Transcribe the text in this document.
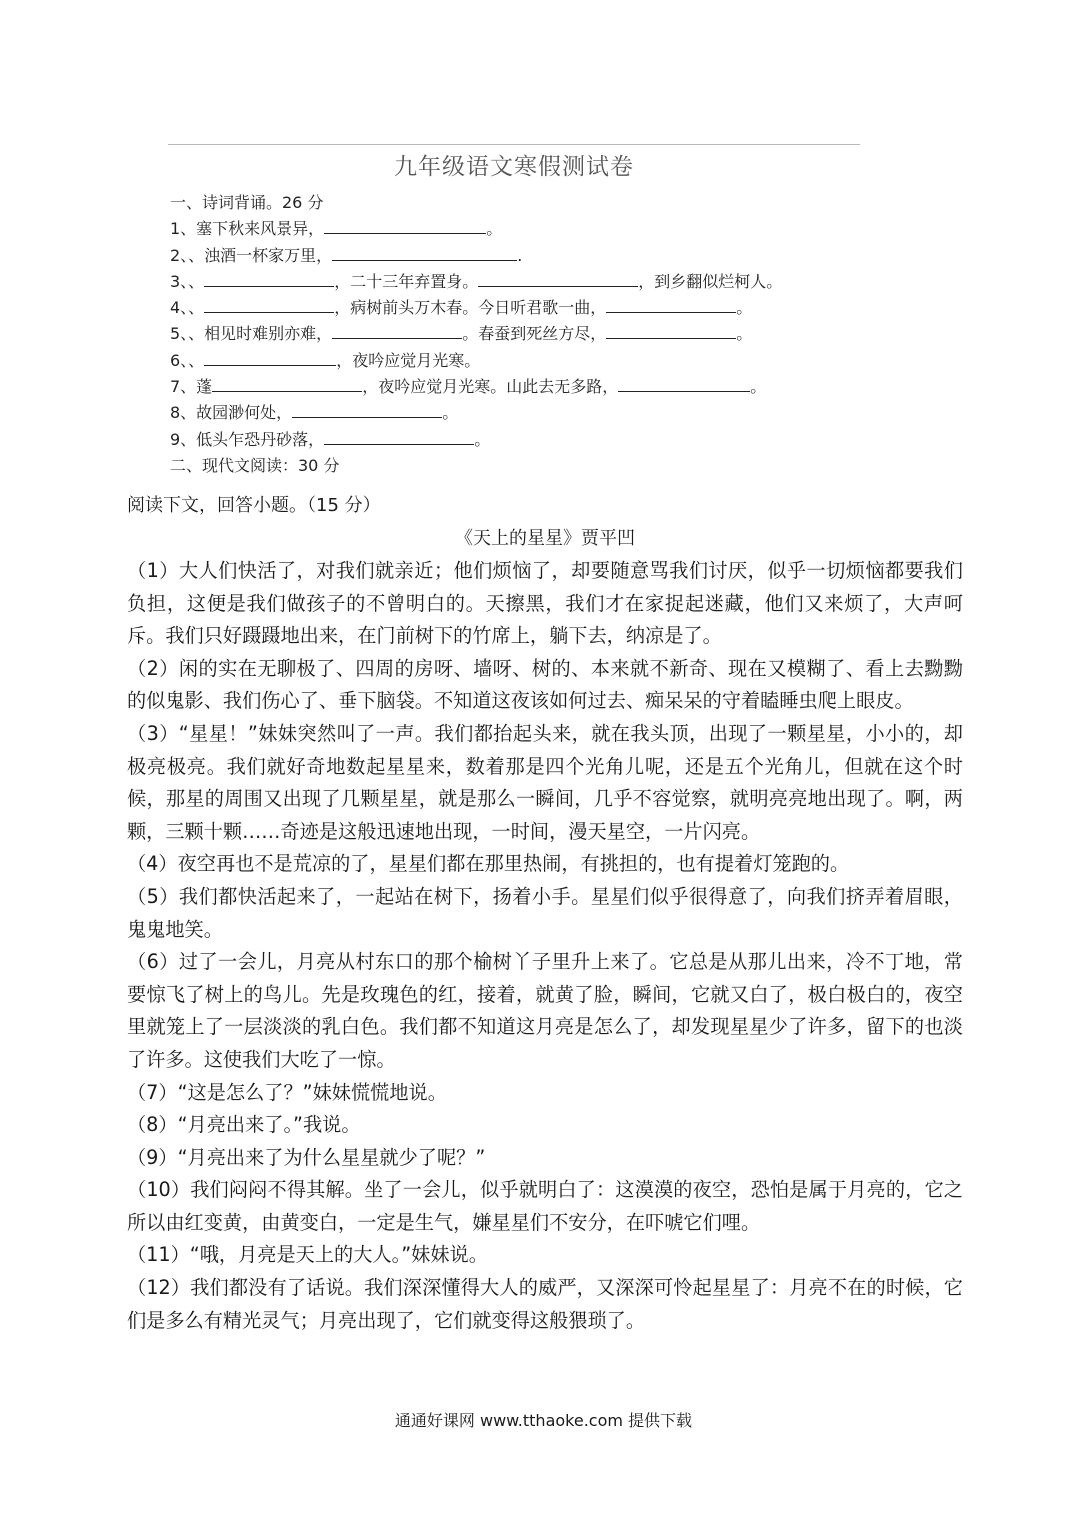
九年级语文寒假测试卷
一、诗词背诵。26 分
1、塞下秋来风景异，	。
2、、浊酒一杯家万里，	.
3、、	，二十三年弃置身。	，到乡翻似烂柯人。
4、、	，病树前头万木春。今日听君歌一曲，	。
5、、相见时难别亦难，	。春蚕到死丝方尽，	。
6、、	，夜吟应觉月光寒。
7、蓬	，夜吟应觉月光寒。山此去无多路，	。
8、故园渺何处，	。
9、低头乍恐丹砂落，	。
二、现代文阅读：30 分
阅读下文，回答小题。（15 分）
《天上的星星》贾平凹

（1）大人们快活了，对我们就亲近；他们烦恼了，却要随意骂我们讨厌，似乎一切烦恼都要我们负担，这便是我们做孩子的不曾明白的。天擦黑，我们才在家捉起迷藏，他们又来烦了，大声呵斥。我们只好蹑蹑地出来，在门前树下的竹席上，躺下去，纳凉是了。

（2）闲的实在无聊极了、四周的房呀、墙呀、树的、本来就不新奇、现在又模糊了、看上去黝黝的似鬼影、我们伤心了、垂下脑袋。不知道这夜该如何过去、痴呆呆的守着瞌睡虫爬上眼皮。

（3）“星星！”妹妹突然叫了一声。我们都抬起头来，就在我头顶，出现了一颗星星，小小的，却极亮极亮。我们就好奇地数起星星来，数着那是四个光角儿呢，还是五个光角儿，但就在这个时候，那星的周围又出现了几颗星星，就是那么一瞬间，几乎不容觉察，就明亮亮地出现了。啊，两颗，三颗十颗……奇迹是这般迅速地出现，一时间，漫天星空，一片闪亮。

（4）夜空再也不是荒凉的了，星星们都在那里热闹，有挑担的，也有提着灯笼跑的。

（5）我们都快活起来了，一起站在树下，扬着小手。星星们似乎很得意了，向我们挤弄着眉眼，鬼鬼地笑。

（6）过了一会儿，月亮从村东口的那个榆树丫子里升上来了。它总是从那儿出来，冷不丁地，常要惊飞了树上的鸟儿。先是玫瑰色的红，接着，就黄了脸，瞬间，它就又白了，极白极白的，夜空里就笼上了一层淡淡的乳白色。我们都不知道这月亮是怎么了，却发现星星少了许多，留下的也淡了许多。这使我们大吃了一惊。

（7）“这是怎么了？”妹妹慌慌地说。

（8）“月亮出来了。”我说。

（9）“月亮出来了为什么星星就少了呢？”

（10）我们闷闷不得其解。坐了一会儿，似乎就明白了：这漠漠的夜空，恐怕是属于月亮的，它之所以由红变黄，由黄变白，一定是生气，嫌星星们不安分，在吓唬它们哩。

（11）“哦，月亮是天上的大人。”妹妹说。

（12）我们都没有了话说。我们深深懂得大人的威严，又深深可怜起星星了：月亮不在的时候，它们是多么有精光灵气；月亮出现了，它们就变得这般猥琐了。

通通好课网 www.tthaoke.com 提供下载
